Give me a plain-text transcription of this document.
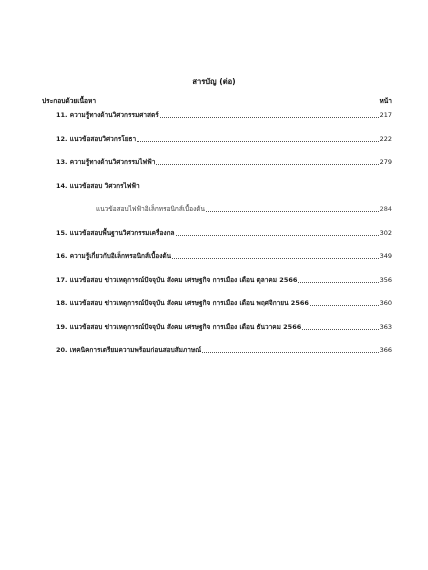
สารบัญ (ต่อ)
ประกอบด้วยเนื้อหา	หน้า
11. ความรู้ทางด้านวิศวกรรมศาสตร์	217
12. แนวข้อสอบวิศวกรโยธา	222
13. ความรู้ทางด้านวิศวกรรมไฟฟ้า	279
14. แนวข้อสอบ วิศวกรไฟฟ้า
แนวข้อสอบไฟฟ้าอิเล็กทรอนิกส์เบื้องต้น	284
15. แนวข้อสอบพื้นฐานวิศวกรรมเครื่องกล	302
16. ความรู้เกี่ยวกับอิเล็กทรอนิกส์เบื้องต้น	349
17. แนวข้อสอบ ข่าวเหตุการณ์ปัจจุบัน สังคม เศรษฐกิจ การเมือง เดือน ตุลาคม 2566	356
18. แนวข้อสอบ ข่าวเหตุการณ์ปัจจุบัน สังคม เศรษฐกิจ การเมือง เดือน พฤศจิกายน 2566	360
19. แนวข้อสอบ ข่าวเหตุการณ์ปัจจุบัน สังคม เศรษฐกิจ การเมือง เดือน ธันวาคม 2566	363
20. เทคนิคการเตรียมความพร้อมก่อนสอบสัมภาษณ์	366
